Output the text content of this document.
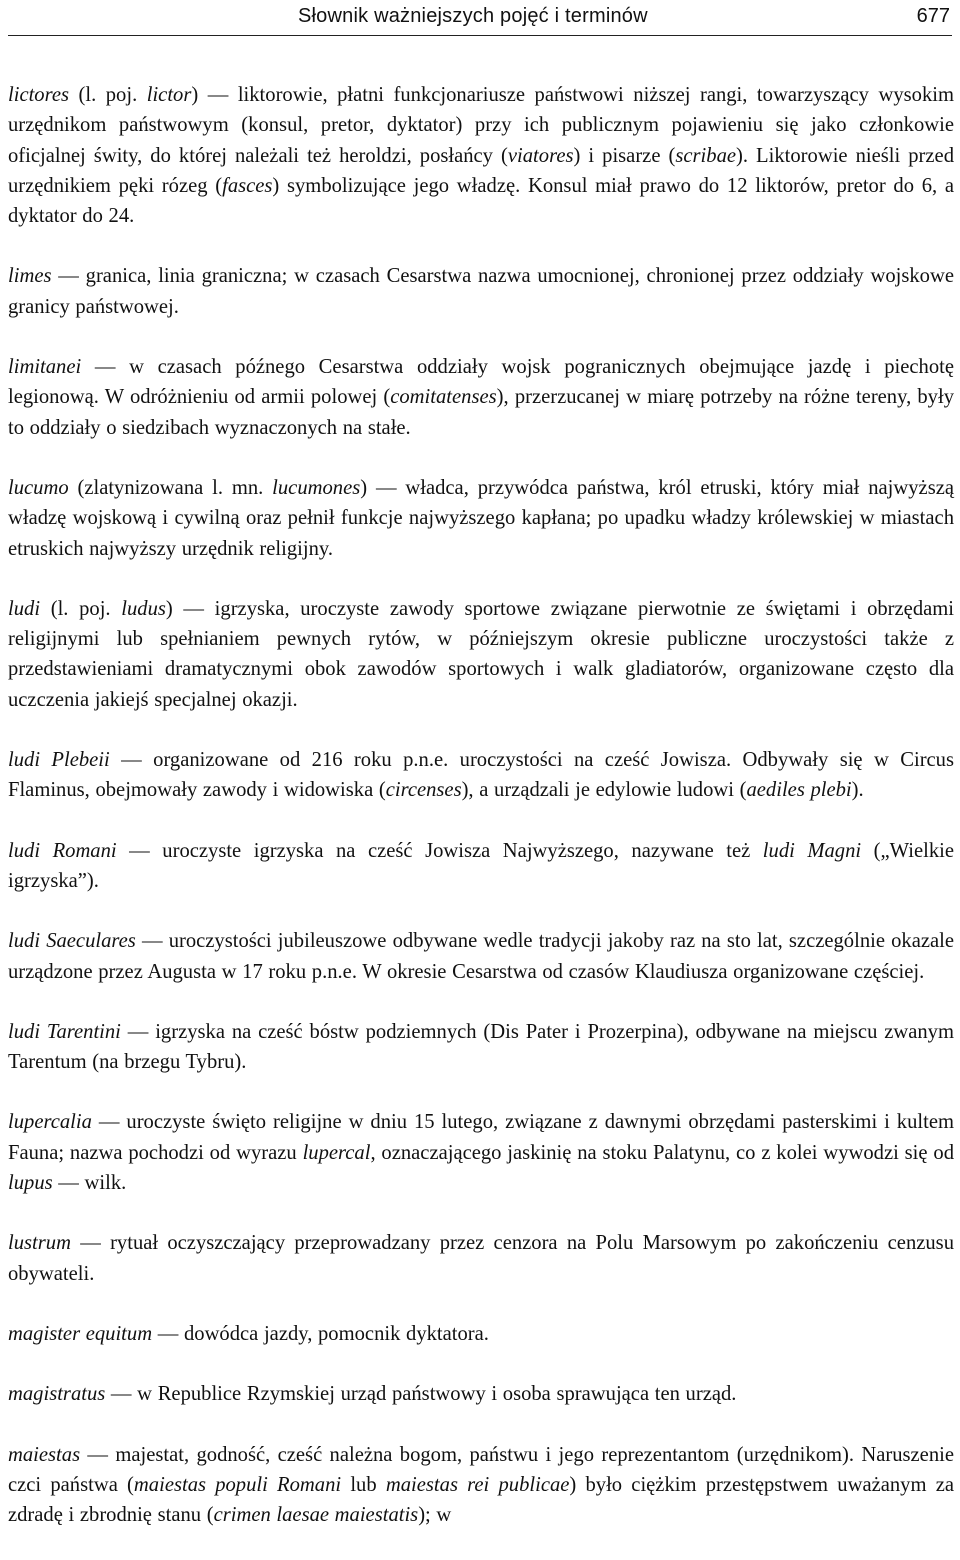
Słownik ważniejszych pojęć i terminów	677

lictores (l. poj. lictor) — liktorowie, płatni funkcjonariusze państwowi niższej rangi, towarzyszący wysokim urzędnikom państwowym (konsul, pretor, dyktator) przy ich publicznym pojawieniu się jako członkowie oficjalnej świty, do której należali też heroldzi, posłańcy (viatores) i pisarze (scribae). Liktorowie nieśli przed urzędnikiem pęki rózeg (fasces) symbolizujące jego władzę. Konsul miał prawo do 12 liktorów, pretor do 6, a dyktator do 24.

limes — granica, linia graniczna; w czasach Cesarstwa nazwa umocnionej, chronionej przez oddziały wojskowe granicy państwowej.

limitanei — w czasach późnego Cesarstwa oddziały wojsk pogranicznych obejmujące jazdę i piechotę legionową. W odróżnieniu od armii polowej (comitatenses), przerzucanej w miarę potrzeby na różne tereny, były to oddziały o siedzibach wyznaczonych na stałe.

lucumo (zlatynizowana l. mn. lucumones) — władca, przywódca państwa, król etruski, który miał najwyższą władzę wojskową i cywilną oraz pełnił funkcje najwyższego kapłana; po upadku władzy królewskiej w miastach etruskich najwyższy urzędnik religijny.

ludi (l. poj. ludus) — igrzyska, uroczyste zawody sportowe związane pierwotnie ze świętami i obrzędami religijnymi lub spełnianiem pewnych rytów, w późniejszym okresie publiczne uroczystości także z przedstawieniami dramatycznymi obok zawodów sportowych i walk gladiatorów, organizowane często dla uczczenia jakiejś specjalnej okazji.

ludi Plebeii — organizowane od 216 roku p.n.e. uroczystości na cześć Jowisza. Odbywały się w Circus Flaminus, obejmowały zawody i widowiska (circenses), a urządzali je edylowie ludowi (aediles plebi).

ludi Romani — uroczyste igrzyska na cześć Jowisza Najwyższego, nazywane też ludi Magni („Wielkie igrzyska”).

ludi Saeculares — uroczystości jubileuszowe odbywane wedle tradycji jakoby raz na sto lat, szczególnie okazale urządzone przez Augusta w 17 roku p.n.e. W okresie Cesarstwa od czasów Klaudiusza organizowane częściej.

ludi Tarentini — igrzyska na cześć bóstw podziemnych (Dis Pater i Prozerpina), odbywane na miejscu zwanym Tarentum (na brzegu Tybru).

lupercalia — uroczyste święto religijne w dniu 15 lutego, związane z dawnymi obrzędami pasterskimi i kultem Fauna; nazwa pochodzi od wyrazu lupercal, oznaczającego jaskinię na stoku Palatynu, co z kolei wywodzi się od lupus — wilk.

lustrum — rytuał oczyszczający przeprowadzany przez cenzora na Polu Marsowym po zakończeniu cenzusu obywateli.

magister equitum — dowódca jazdy, pomocnik dyktatora.

magistratus — w Republice Rzymskiej urząd państwowy i osoba sprawująca ten urząd.

maiestas — majestat, godność, cześć należna bogom, państwu i jego reprezentantom (urzędnikom). Naruszenie czci państwa (maiestas populi Romani lub maiestas rei publicae) było ciężkim przestępstwem uważanym za zdradę i zbrodnię stanu (crimen laesae maiestatis); w
